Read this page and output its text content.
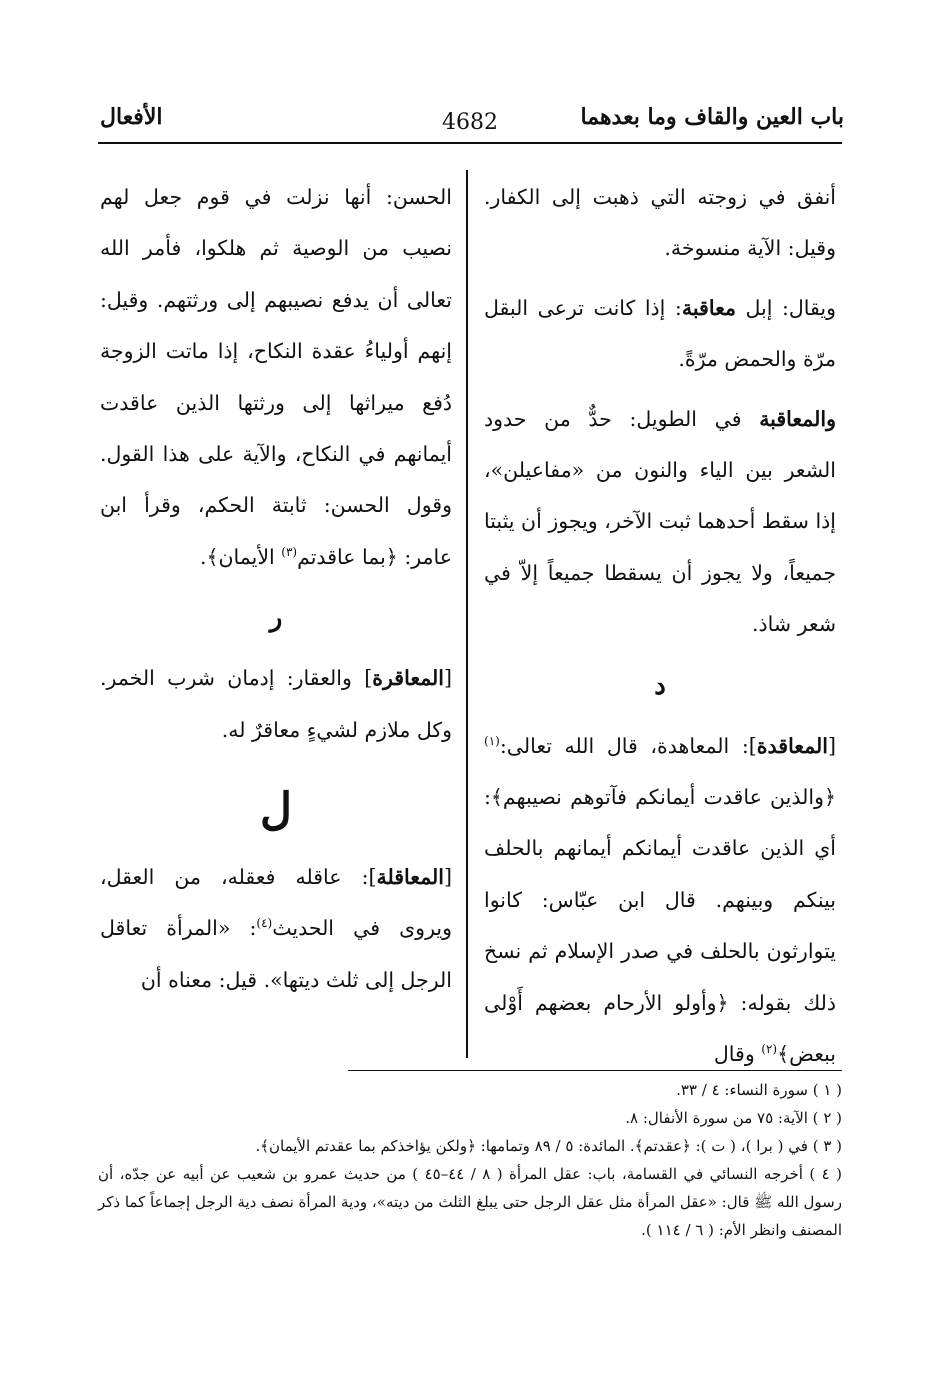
باب العين والقاف وما بعدهما
4682
الأفعال

أنفق في زوجته التي ذهبت إلى الكفار. وقيل: الآية منسوخة.

ويقال: إبل معاقبة: إذا كانت ترعى البقل مرّة والحمض مرّةً.

والمعاقبة في الطويل: حدٌّ من حدود الشعر بين الياء والنون من «مفاعيلن»، إذا سقط أحدهما ثبت الآخر، ويجوز أن يثبتا جميعاً، ولا يجوز أن يسقطا جميعاً إلاّ في شعر شاذ.

د

[المعاقدة]: المعاهدة، قال الله تعالى:$^{(١)}$ ﴿والذين عاقدت أيمانكم فآتوهم نصيبهم﴾: أي الذين عاقدت أيمانكم أيمانهم بالحلف بينكم وبينهم. قال ابن عبّاس: كانوا يتوارثون بالحلف في صدر الإسلام ثم نسخ ذلك بقوله: ﴿وأولو الأرحام بعضهم أَوْلى ببعض﴾$^{(٢)}$ وقال

الحسن: أنها نزلت في قوم جعل لهم نصيب من الوصية ثم هلكوا، فأمر الله تعالى أن يدفع نصيبهم إلى ورثتهم. وقيل: إنهم أولياءُ عقدة النكاح، إذا ماتت الزوجة دُفع ميراثها إلى ورثتها الذين عاقدت أيمانهم في النكاح، والآية على هذا القول. وقول الحسن: ثابتة الحكم، وقرأ ابن عامر: ﴿بما عاقدتم$^{(٣)}$ الأيمان﴾.

ر

[المعاقرة] والعقار: إدمان شرب الخمر. وكل ملازم لشيءٍ معاقرٌ له.

ل

[المعاقلة]: عاقله فعقله، من العقل، ويروى في الحديث$^{(٤)}$: «المرأة تعاقل الرجل إلى ثلث ديتها». قيل: معناه أن

( ١ ) سورة النساء: ٤ / ٣٣.

( ٢ ) الآية: ٧٥ من سورة الأنفال: ٨.

( ٣ ) في ( برا )، ( ت ): ﴿عقدتم﴾. المائدة: ٥ / ٨٩ وتمامها: ﴿ولكن يؤاخذكم بما عقدتم الأيمان﴾.

( ٤ ) أخرجه النسائي في القسامة، باب: عقل المرأة ( ٨ / ٤٤–٤٥ ) من حديث عمرو بن شعيب عن أبيه عن جدّه، أن رسول الله ﷺ قال: «عقل المرأة مثل عقل الرجل حتى يبلغ الثلث من ديته»، ودية المرأة نصف دية الرجل إجماعاً كما ذكر المصنف وانظر الأم: ( ٦ / ١١٤ ).
